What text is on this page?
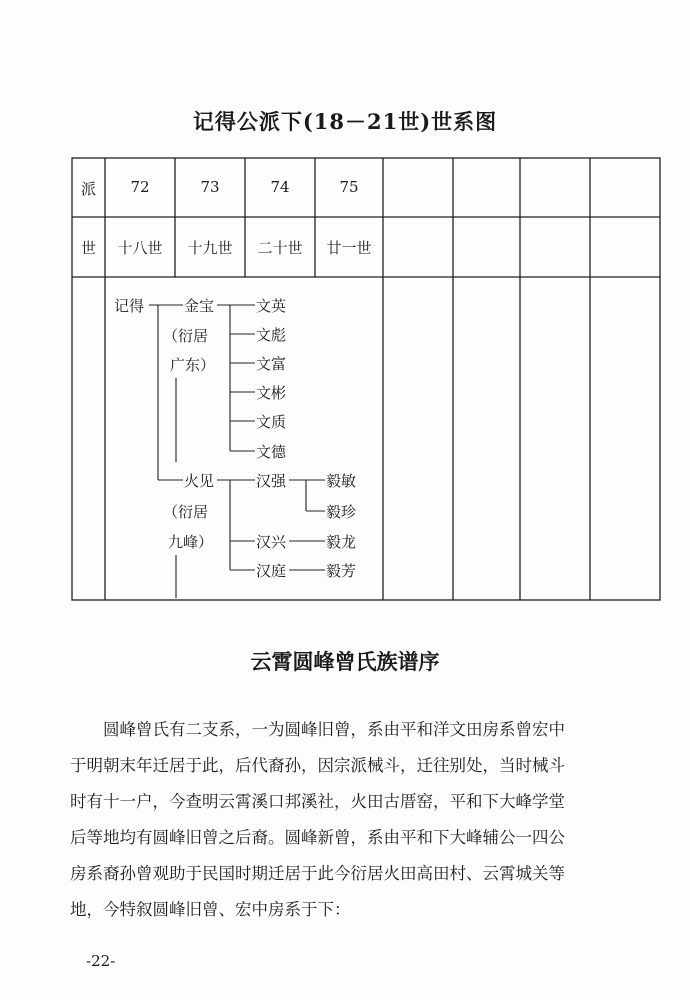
记得公派下(18－21世)世系图
派	72	73	74	75
世	十八世	十九世	二十世	廿一世
记得	金宝
（衍居
广东）
文英
文彪
文富
文彬
文质
文德
火见
（衍居
九峰）
汉强
汉兴
汉庭
毅敏
毅珍
毅龙
毅芳
云霄圆峰曾氏族谱序
　　圆峰曾氏有二支系，一为圆峰旧曾，系由平和洋文田房系曾宏中
于明朝末年迁居于此，后代裔孙，因宗派械斗，迁往别处，当时械斗
时有十一户，今查明云霄溪口邦溪社，火田古厝窑，平和下大峰学堂
后等地均有圆峰旧曾之后裔。圆峰新曾，系由平和下大峰辅公一四公
房系裔孙曾观助于民国时期迁居于此今衍居火田高田村、云霄城关等
地，今特叙圆峰旧曾、宏中房系于下：
-22-
